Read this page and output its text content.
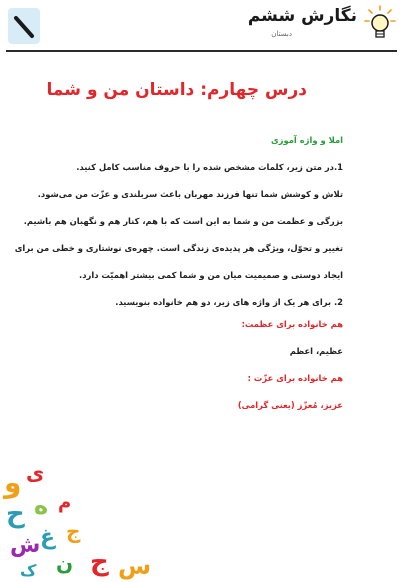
نگارش ششم
دبستان
درس چهارم: داستان من و شما
املا و واژه آموزی
1.در متن زیر، کلمات مشخص شده را با حروف مناسب کامل کنید.
تلاش و کوشش شما تنها فرزند مهربان باعث سربلندی و عزّت من می‌شود.
بزرگی و عظمت من و شما به این است که با هم، کنار هم و نگهبان هم باشیم.
تغییر و تحوّل، ویژگی هر پدیده‌ی زندگی است. چهره‌ی نوشتاری و خطی من برای
ایجاد دوستی و صمیمیت میان من و شما کمی بیشتر اهمیّت دارد.
2. برای هر یک از واژه های زیر، دو هم خانواده بنویسید.
هم خانواده برای عظمت:
عظیم، اعظم
هم خانواده برای عزّت :
عزیز، مُعزّز (یعنی گرامی)
و ی
ح ه م
ش غ ج
ج س
ن
ک
